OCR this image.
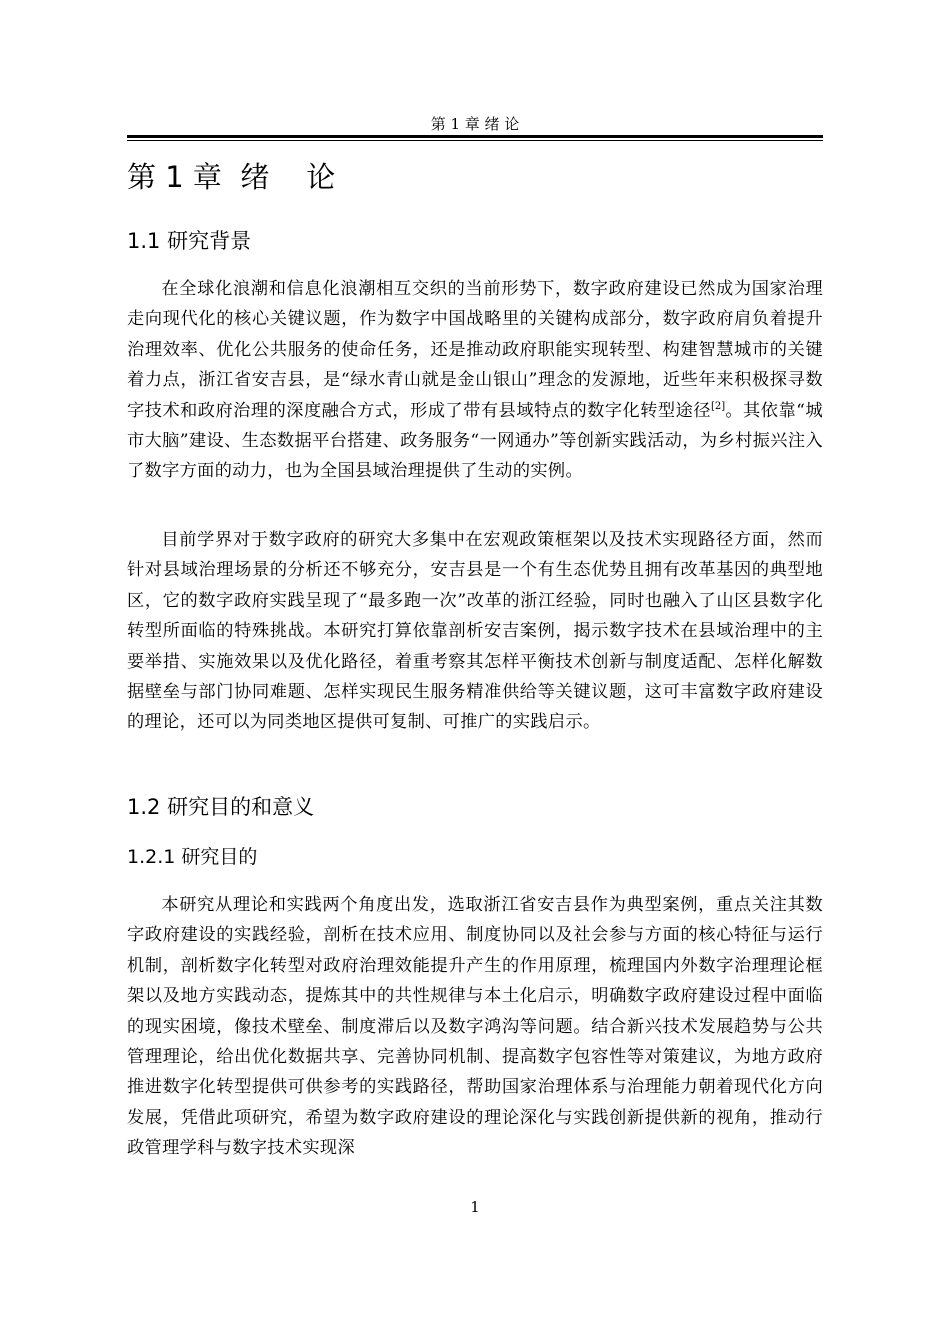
第 1 章 绪 论
第 1 章  绪    论
1.1 研究背景

在全球化浪潮和信息化浪潮相互交织的当前形势下，数字政府建设已然成为国家治理走向现代化的核心关键议题，作为数字中国战略里的关键构成部分，数字政府肩负着提升治理效率、优化公共服务的使命任务，还是推动政府职能实现转型、构建智慧城市的关键着力点，浙江省安吉县，是“绿水青山就是金山银山”理念的发源地，近些年来积极探寻数字技术和政府治理的深度融合方式，形成了带有县域特点的数字化转型途径[2]。其依靠“城市大脑”建设、生态数据平台搭建、政务服务“一网通办”等创新实践活动，为乡村振兴注入了数字方面的动力，也为全国县域治理提供了生动的实例。

目前学界对于数字政府的研究大多集中在宏观政策框架以及技术实现路径方面，然而针对县域治理场景的分析还不够充分，安吉县是一个有生态优势且拥有改革基因的典型地区，它的数字政府实践呈现了“最多跑一次”改革的浙江经验，同时也融入了山区县数字化转型所面临的特殊挑战。本研究打算依靠剖析安吉案例，揭示数字技术在县域治理中的主要举措、实施效果以及优化路径，着重考察其怎样平衡技术创新与制度适配、怎样化解数据壁垒与部门协同难题、怎样实现民生服务精准供给等关键议题，这可丰富数字政府建设的理论，还可以为同类地区提供可复制、可推广的实践启示。

1.2 研究目的和意义
1.2.1 研究目的

本研究从理论和实践两个角度出发，选取浙江省安吉县作为典型案例，重点关注其数字政府建设的实践经验，剖析在技术应用、制度协同以及社会参与方面的核心特征与运行机制，剖析数字化转型对政府治理效能提升产生的作用原理，梳理国内外数字治理理论框架以及地方实践动态，提炼其中的共性规律与本土化启示，明确数字政府建设过程中面临的现实困境，像技术壁垒、制度滞后以及数字鸿沟等问题。结合新兴技术发展趋势与公共管理理论，给出优化数据共享、完善协同机制、提高数字包容性等对策建议，为地方政府推进数字化转型提供可供参考的实践路径，帮助国家治理体系与治理能力朝着现代化方向发展，凭借此项研究，希望为数字政府建设的理论深化与实践创新提供新的视角，推动行政管理学科与数字技术实现深

1
